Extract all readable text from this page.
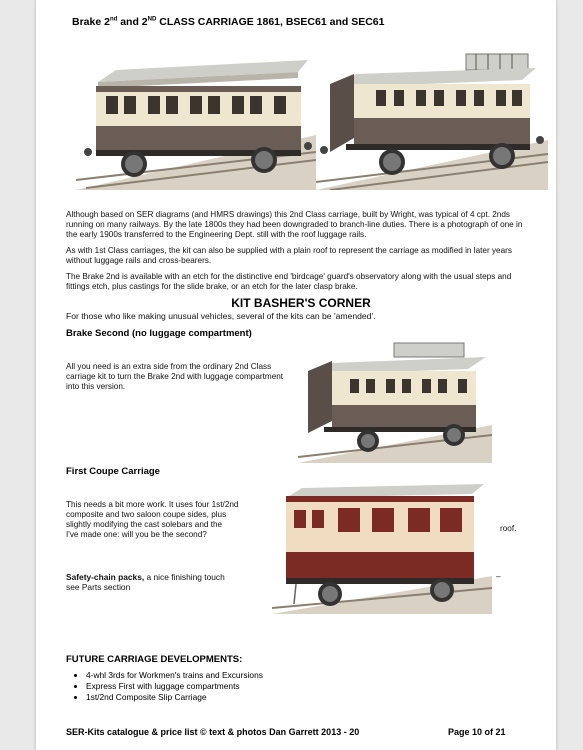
Brake 2nd and 2ND CLASS CARRIAGE 1861, BSEC61 and SEC61
Although based on SER diagrams (and HMRS drawings) this 2nd Class carriage, built by Wright, was typical of 4 cpt. 2nds running on many railways. By the late 1800s they had been downgraded to branch-line duties. There is a photograph of one in the early 1900s transferred to the Engineering Dept. still with the roof luggage rails.
As with 1st Class carriages, the kit can also be supplied with a plain roof to represent the carriage as modified in later years without luggage rails and cross-bearers.
The Brake 2nd is available with an etch for the distinctive end 'birdcage' guard's observatory along with the usual steps and fittings etch, plus castings for the slide brake, or an etch for the later clasp brake.
KIT BASHER'S CORNER
For those who like making unusual vehicles, several of the kits can be 'amended'.
Brake Second (no luggage compartment)
All you need is an extra side from the ordinary 2nd Class carriage kit to turn the Brake 2nd with luggage compartment into this version.
First Coupe Carriage
This needs a bit more work. It uses four 1st/2nd
composite and two saloon coupe sides, plus
slightly modifying the cast solebars and the
I've made one: will you be the second?
roof.
Safety-chain packs, a nice finishing touch
see Parts section
–
FUTURE CARRIAGE DEVELOPMENTS:
• 4-whl 3rds for Workmen's trains and Excursions
• Express First with luggage compartments
• 1st/2nd Composite Slip Carriage
SER-Kits catalogue & price list © text & photos Dan Garrett 2013 - 20	Page 10 of 21
